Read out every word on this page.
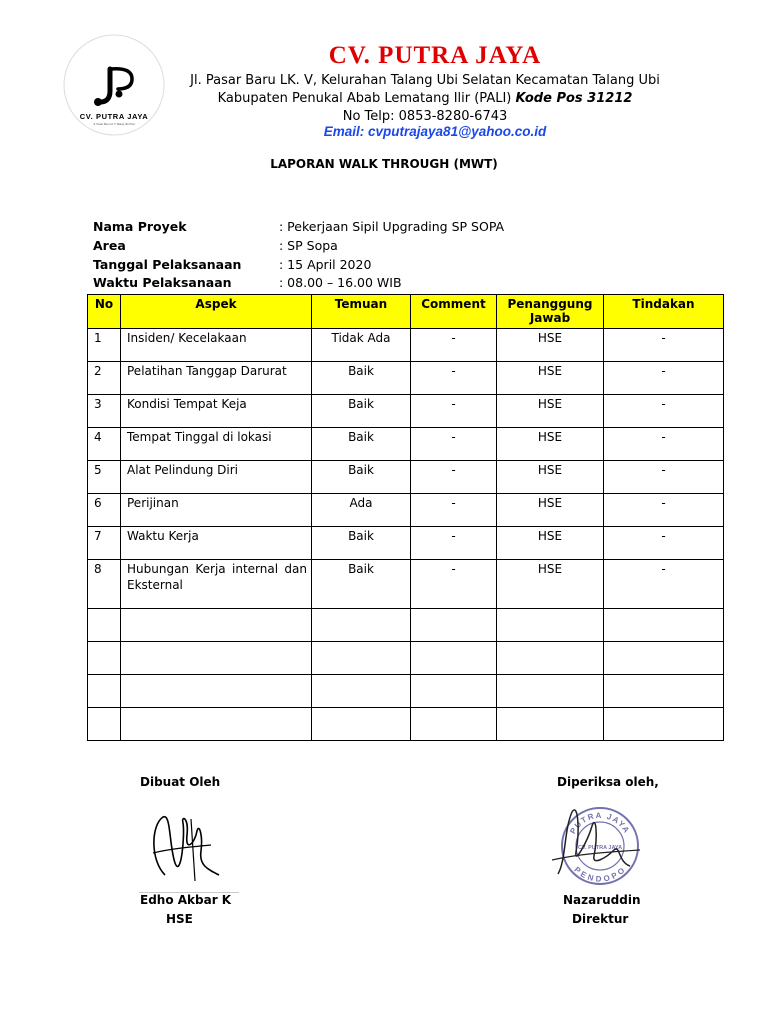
CV. PUTRA JAYA
Jl. Pasar Baru LK V Talang Ubi PALI
CV. PUTRA JAYA
Jl. Pasar Baru LK. V, Kelurahan Talang Ubi Selatan Kecamatan Talang Ubi
Kabupaten Penukal Abab Lematang Ilir (PALI) Kode Pos 31212
No Telp: 0853-8280-6743
Email: cvputrajaya81@yahoo.co.id
LAPORAN WALK THROUGH (MWT)
Nama Proyek	: Pekerjaan Sipil Upgrading SP SOPA
Area	: SP Sopa
Tanggal Pelaksanaan	: 15 April 2020
Waktu Pelaksanaan	: 08.00 – 16.00 WIB
No	Aspek	Temuan	Comment	Penanggung Jawab	Tindakan
1	Insiden/ Kecelakaan	Tidak Ada	-	HSE	-
2	Pelatihan Tanggap Darurat	Baik	-	HSE	-
3	Kondisi Tempat Keja	Baik	-	HSE	-
4	Tempat Tinggal di lokasi	Baik	-	HSE	-
5	Alat Pelindung Diri	Baik	-	HSE	-
6	Perijinan	Ada	-	HSE	-
7	Waktu Kerja	Baik	-	HSE	-
8	Hubungan Kerja internal dan Eksternal	Baik	-	HSE	-

Dibuat Oleh
Edho Akbar K
HSE
Diperiksa oleh,
PUTRA JAYA
PENDOPO
CV. PUTRA JAYA
Nazaruddin
Direktur
